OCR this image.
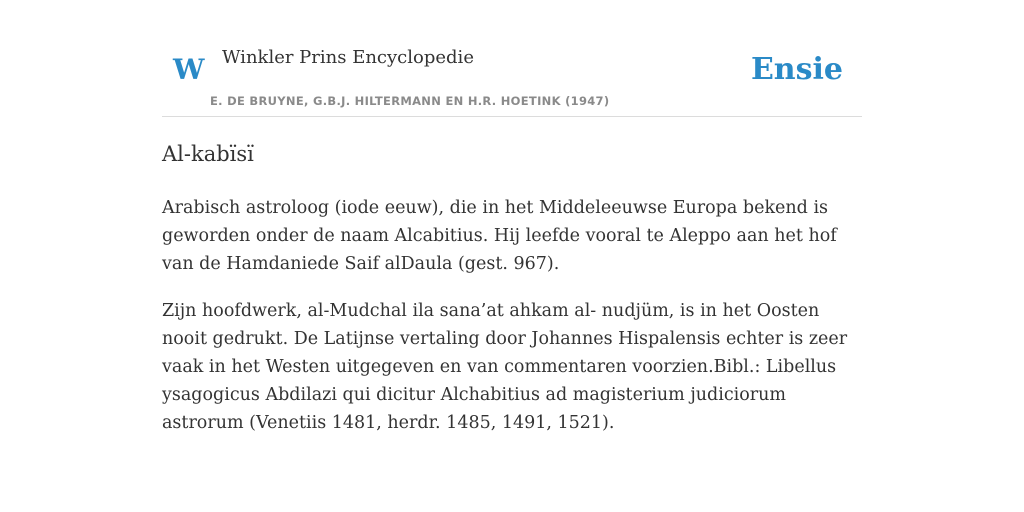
W Winkler Prins Encyclopedie
E. DE BRUYNE, G.B.J. HILTERMANN EN H.R. HOETINK (1947)
Ensie
Al-kabïsï

Arabisch astroloog (iode eeuw), die in het Middeleeuwse Europa bekend is geworden onder de naam Alcabitius. Hij leefde vooral te Aleppo aan het hof van de Hamdaniede Saif alDaula (gest. 967).

Zijn hoofdwerk, al-Mudchal ila sana’at ahkam al- nudjüm, is in het Oosten nooit gedrukt. De Latijnse vertaling door Johannes Hispalensis echter is zeer vaak in het Westen uitgegeven en van commentaren voorzien.Bibl.: Libellus ysagogicus Abdilazi qui dicitur Alchabitius ad magisterium judiciorum astrorum (Venetiis 1481, herdr. 1485, 1491, 1521).
